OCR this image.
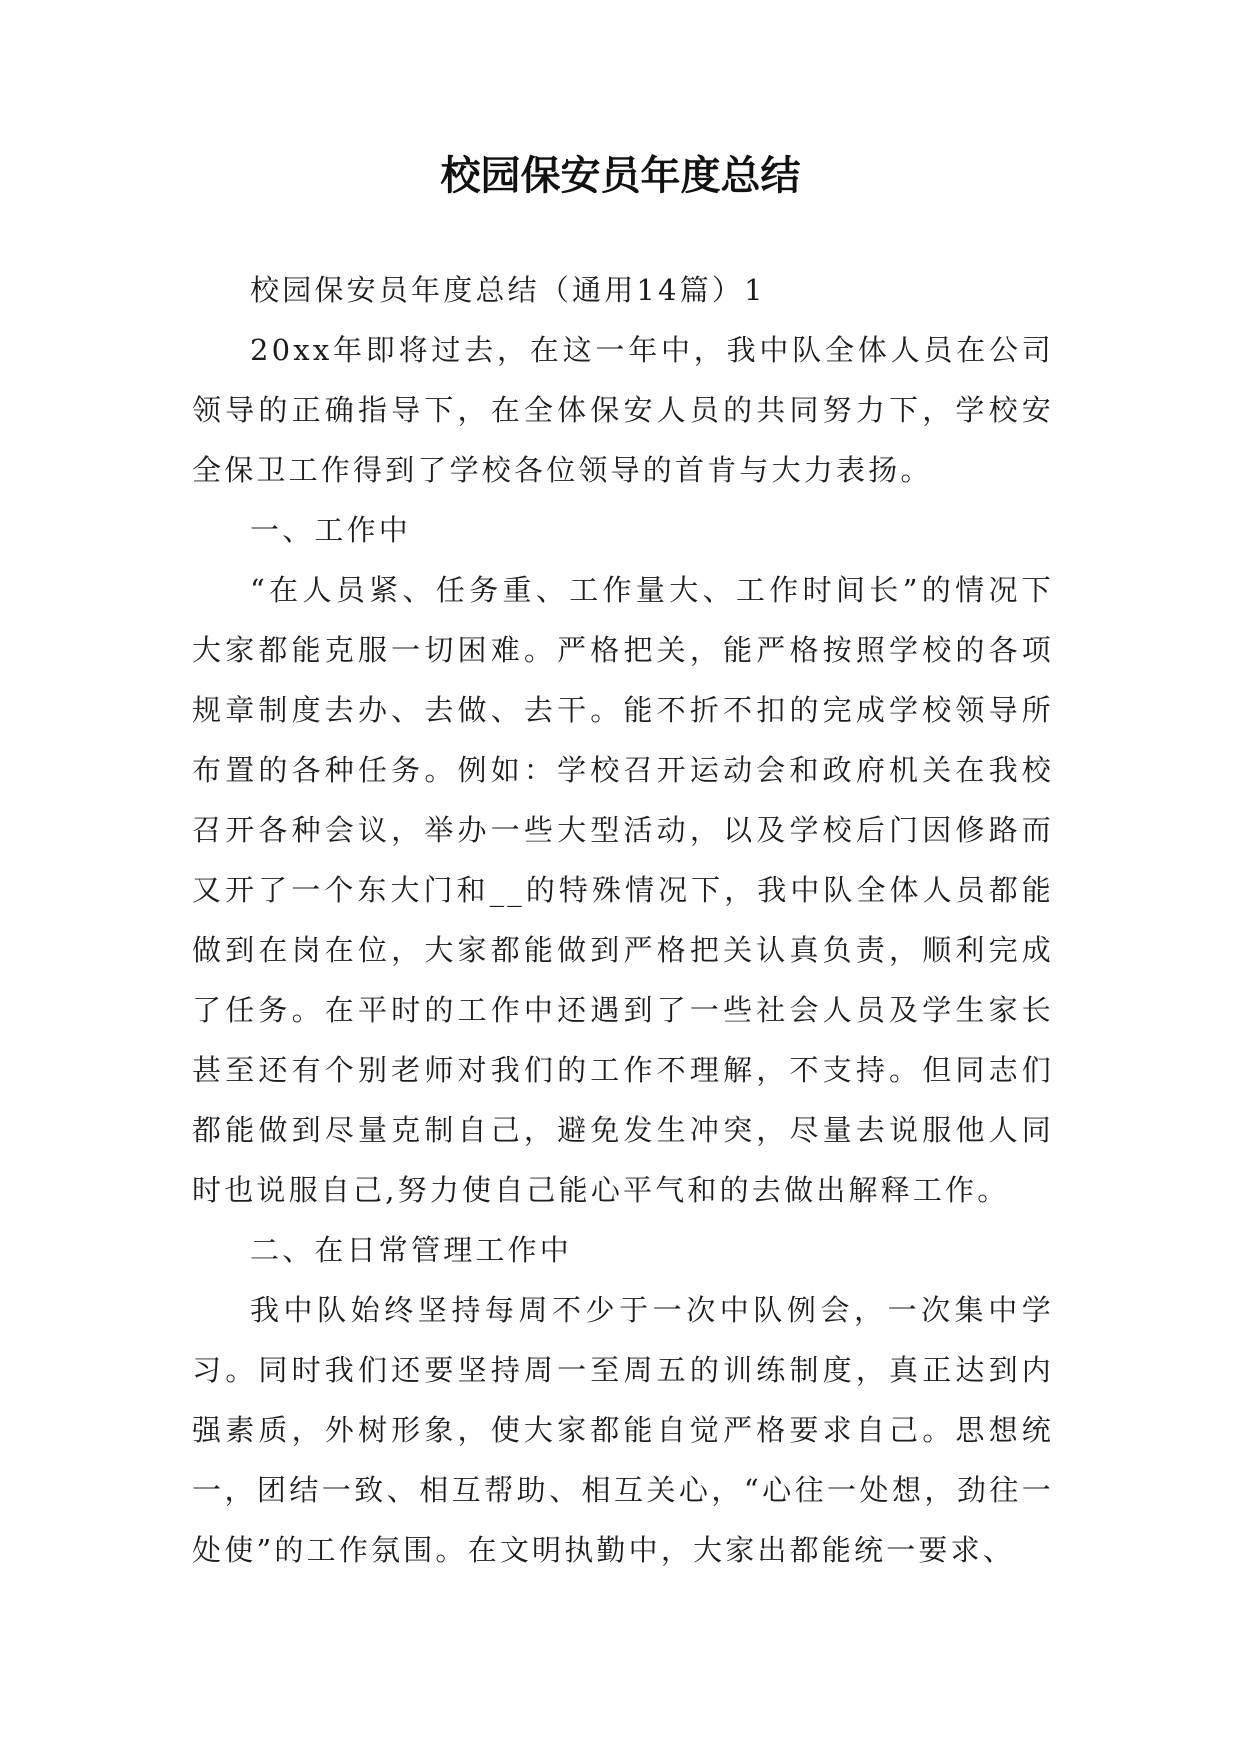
校园保安员年度总结

校园保安员年度总结（通用14篇）1

20xx年即将过去，在这一年中，我中队全体人员在公司领导的正确指导下，在全体保安人员的共同努力下，学校安全保卫工作得到了学校各位领导的首肯与大力表扬。

一、工作中

“在人员紧、任务重、工作量大、工作时间长”的情况下大家都能克服一切困难。严格把关，能严格按照学校的各项规章制度去办、去做、去干。能不折不扣的完成学校领导所布置的各种任务。例如：学校召开运动会和政府机关在我校召开各种会议，举办一些大型活动，以及学校后门因修路而又开了一个东大门和__的特殊情况下，我中队全体人员都能做到在岗在位，大家都能做到严格把关认真负责，顺利完成了任务。在平时的工作中还遇到了一些社会人员及学生家长甚至还有个别老师对我们的工作不理解，不支持。但同志们都能做到尽量克制自己，避免发生冲突，尽量去说服他人同时也说服自己,努力使自己能心平气和的去做出解释工作。

二、在日常管理工作中

我中队始终坚持每周不少于一次中队例会，一次集中学习。同时我们还要坚持周一至周五的训练制度，真正达到内强素质，外树形象，使大家都能自觉严格要求自己。思想统一，团结一致、相互帮助、相互关心，“心往一处想，劲往一处使”的工作氛围。在文明执勤中，大家出都能统一要求、
